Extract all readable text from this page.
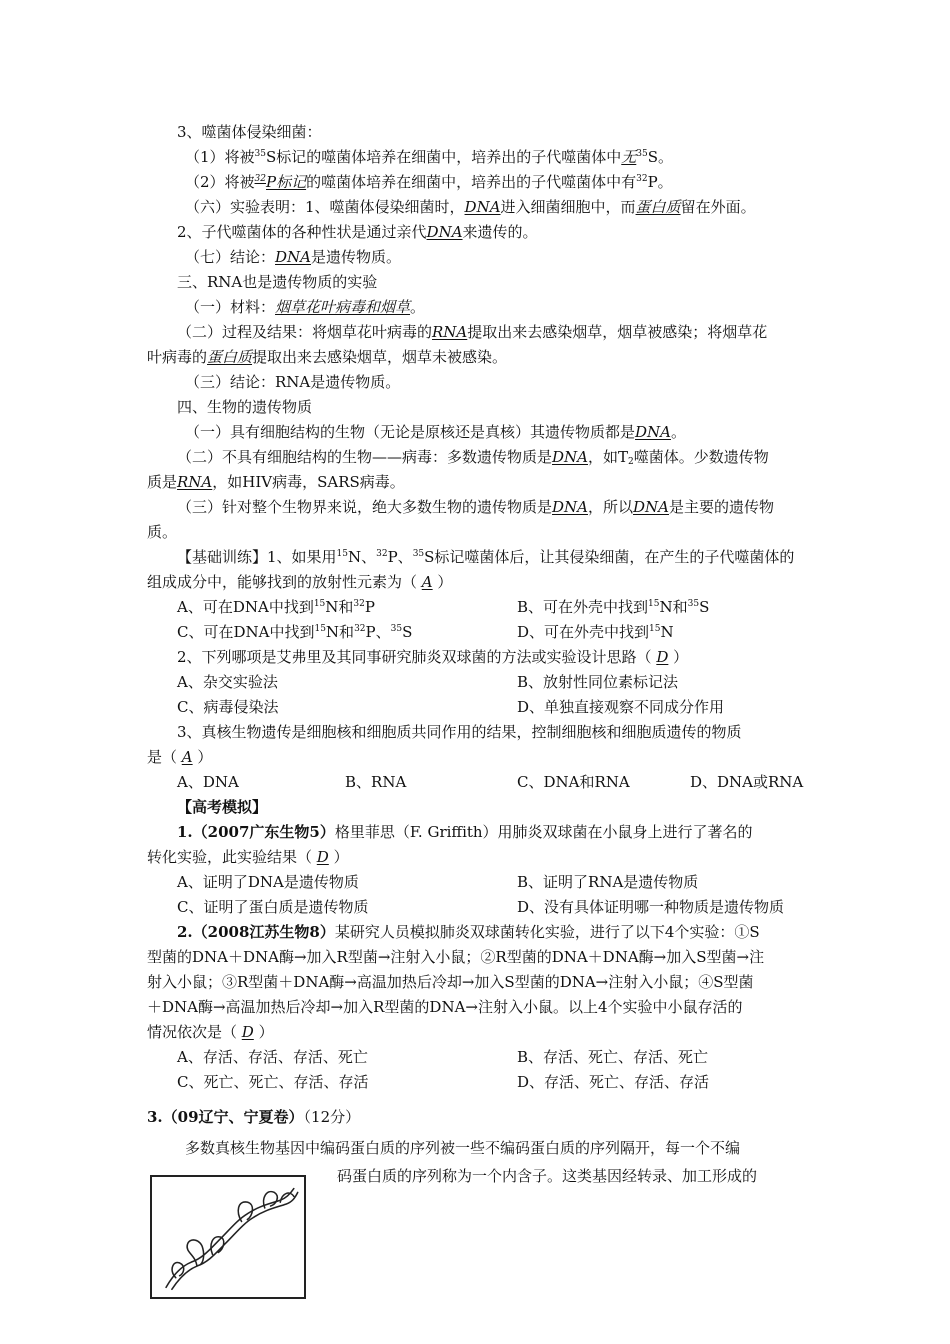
3、噬菌体侵染细菌：
（1）将被$^{35}$S标记的噬菌体培养在细菌中，培养出的子代噬菌体中无$^{35}$S。
（2）将被$^{32}$P标记的噬菌体培养在细菌中，培养出的子代噬菌体中有$^{32}$P。
（六）实验表明：1、噬菌体侵染细菌时，DNA进入细菌细胞中，而蛋白质留在外面。
2、子代噬菌体的各种性状是通过亲代DNA来遗传的。
（七）结论：DNA是遗传物质。
三、RNA也是遗传物质的实验
（一）材料：烟草花叶病毒和烟草。
（二）过程及结果：将烟草花叶病毒的RNA提取出来去感染烟草，烟草被感染；将烟草花
叶病毒的蛋白质提取出来去感染烟草，烟草未被感染。
（三）结论：RNA是遗传物质。
四、生物的遗传物质
（一）具有细胞结构的生物（无论是原核还是真核）其遗传物质都是DNA。
（二）不具有细胞结构的生物——病毒：多数遗传物质是DNA，如$T_2$噬菌体。少数遗传物
质是RNA，如HIV病毒，SARS病毒。
（三）针对整个生物界来说，绝大多数生物的遗传物质是DNA，所以DNA是主要的遗传物
质。
【基础训练】1、如果用$^{15}$N、$^{32}$P、$^{35}$S标记噬菌体后，让其侵染细菌，在产生的子代噬菌体的
组成成分中，能够找到的放射性元素为（ A ）
A、可在DNA中找到$^{15}$N和$^{32}$P	B、可在外壳中找到$^{15}$N和$^{35}$S
C、可在DNA中找到$^{15}$N和$^{32}$P、$^{35}$S	D、可在外壳中找到$^{15}$N
2、下列哪项是艾弗里及其同事研究肺炎双球菌的方法或实验设计思路（ D ）
A、杂交实验法	B、放射性同位素标记法
C、病毒侵染法	D、单独直接观察不同成分作用
3、真核生物遗传是细胞核和细胞质共同作用的结果，控制细胞核和细胞质遗传的物质
是（ A ）
A、DNA	B、RNA	C、DNA和RNA	D、DNA或RNA
【高考模拟】
1.（2007广东生物5）格里菲思（F. Griffith）用肺炎双球菌在小鼠身上进行了著名的
转化实验，此实验结果（ D ）
A、证明了DNA是遗传物质	B、证明了RNA是遗传物质
C、证明了蛋白质是遗传物质	D、没有具体证明哪一种物质是遗传物质
2.（2008江苏生物8）某研究人员模拟肺炎双球菌转化实验，进行了以下4个实验：①S
型菌的DNA＋DNA酶→加入R型菌→注射入小鼠；②R型菌的DNA＋DNA酶→加入S型菌→注
射入小鼠；③R型菌＋DNA酶→高温加热后冷却→加入S型菌的DNA→注射入小鼠；④S型菌
＋DNA酶→高温加热后冷却→加入R型菌的DNA→注射入小鼠。以上4个实验中小鼠存活的
情况依次是（ D ）
A、存活、存活、存活、死亡	B、存活、死亡、存活、死亡
C、死亡、死亡、存活、存活	D、存活、死亡、存活、存活
3.（09辽宁、宁夏卷）（12分）
多数真核生物基因中编码蛋白质的序列被一些不编码蛋白质的序列隔开，每一个不编
码蛋白质的序列称为一个内含子。这类基因经转录、加工形成的
